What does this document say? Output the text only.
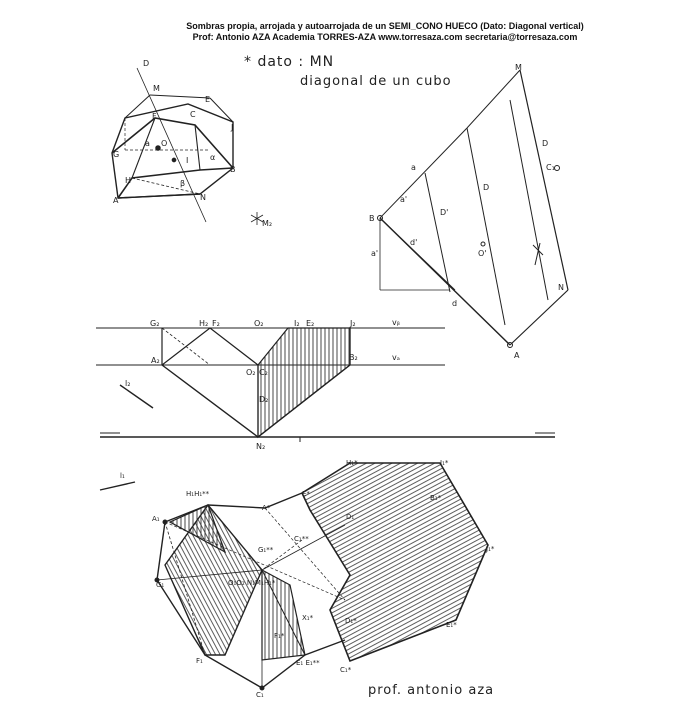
Sombras propia, arrojada y autoarrojada de un SEMI_CONO HUECO (Dato: Diagonal vertical)
Prof: Antonio AZA Academia TORRES-AZA www.torresaza.com secretaria@torresaza.com
* dato : MN
diagonal de un cubo
prof. antonio aza
D
M
E
F	C
B
J
G
O
a
H
I
A	N
α
β
M₂
M
D
C₁
B
D
D'
O'
d'
a
a'
a'
d
N
A
G₂	H₂ F₂	O₂	I₂ E₂	J₂
A₂
O₂ C₂
B₂
D₂
N₂
vᵦ
vₐ
l₂
H₁*	I₁*
A₁
H₁H₁**
A*
E*
D₁
B₁*
G₁**
G₁
C₁**
J₁*
O₁O₂ N₁M₁H₁*
X₁*	D₁*
F₁*
E₁*
F₁	E₁ E₁**
C₁*
C₁
l₁
